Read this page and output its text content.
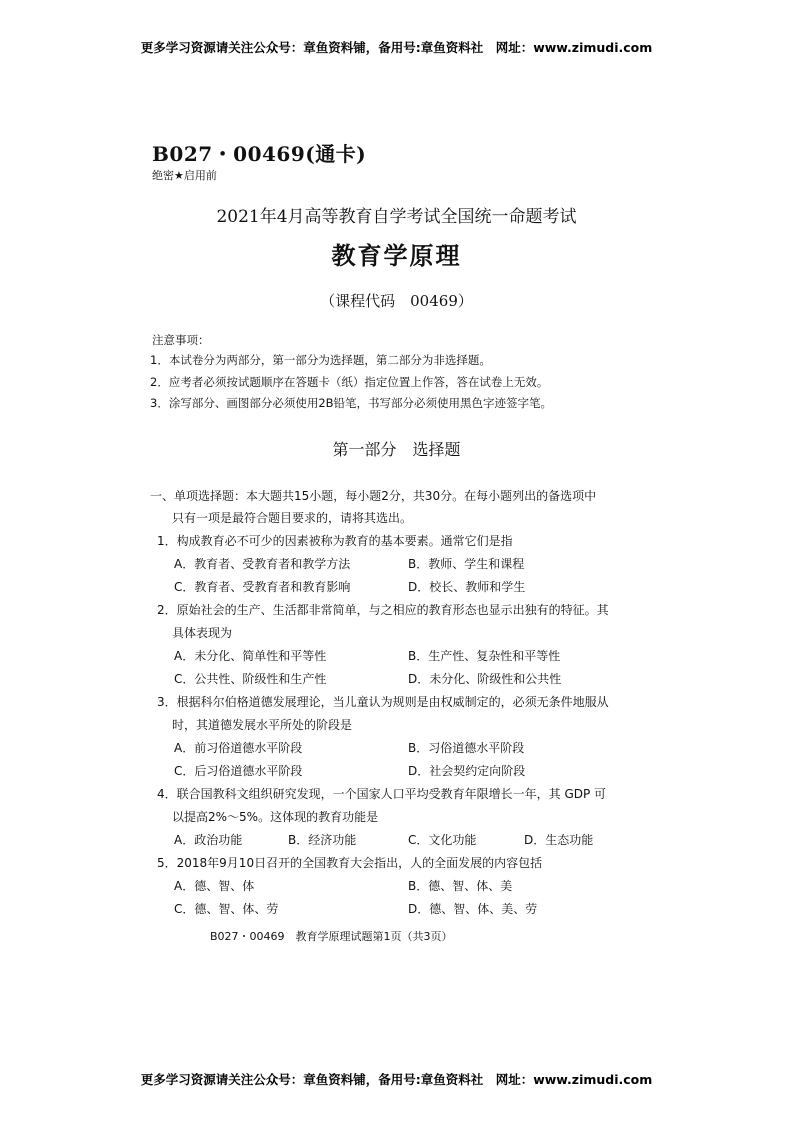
更多学习资源请关注公众号：章鱼资料铺，备用号:章鱼资料社　网址：www.zimudi.com
B027・00469(通卡)
绝密★启用前
2021年4月高等教育自学考试全国统一命题考试
教育学原理
（课程代码　00469）
注意事项：
1．本试卷分为两部分，第一部分为选择题，第二部分为非选择题。
2．应考者必须按试题顺序在答题卡（纸）指定位置上作答，答在试卷上无效。
3．涂写部分、画图部分必须使用2B铅笔，书写部分必须使用黑色字迹签字笔。
第一部分　选择题
一、单项选择题：本大题共15小题，每小题2分，共30分。在每小题列出的备选项中
只有一项是最符合题目要求的，请将其选出。
1．构成教育必不可少的因素被称为教育的基本要素。通常它们是指
A．教育者、受教育者和教学方法	B．教师、学生和课程
C．教育者、受教育者和教育影响	D．校长、教师和学生
2．原始社会的生产、生活都非常简单，与之相应的教育形态也显示出独有的特征。其
具体表现为
A．未分化、简单性和平等性	B．生产性、复杂性和平等性
C．公共性、阶级性和生产性	D．未分化、阶级性和公共性
3．根据科尔伯格道德发展理论，当儿童认为规则是由权威制定的，必须无条件地服从
时，其道德发展水平所处的阶段是
A．前习俗道德水平阶段	B．习俗道德水平阶段
C．后习俗道德水平阶段	D．社会契约定向阶段
4．联合国教科文组织研究发现，一个国家人口平均受教育年限增长一年，其 GDP 可
以提高2%～5%。这体现的教育功能是
A．政治功能	B．经济功能	C．文化功能	D．生态功能
5．2018年9月10日召开的全国教育大会指出，人的全面发展的内容包括
A．德、智、体	B．德、智、体、美
C．德、智、体、劳	D．德、智、体、美、劳
B027・00469　教育学原理试题第1页（共3页）
更多学习资源请关注公众号：章鱼资料铺，备用号:章鱼资料社　网址：www.zimudi.com
